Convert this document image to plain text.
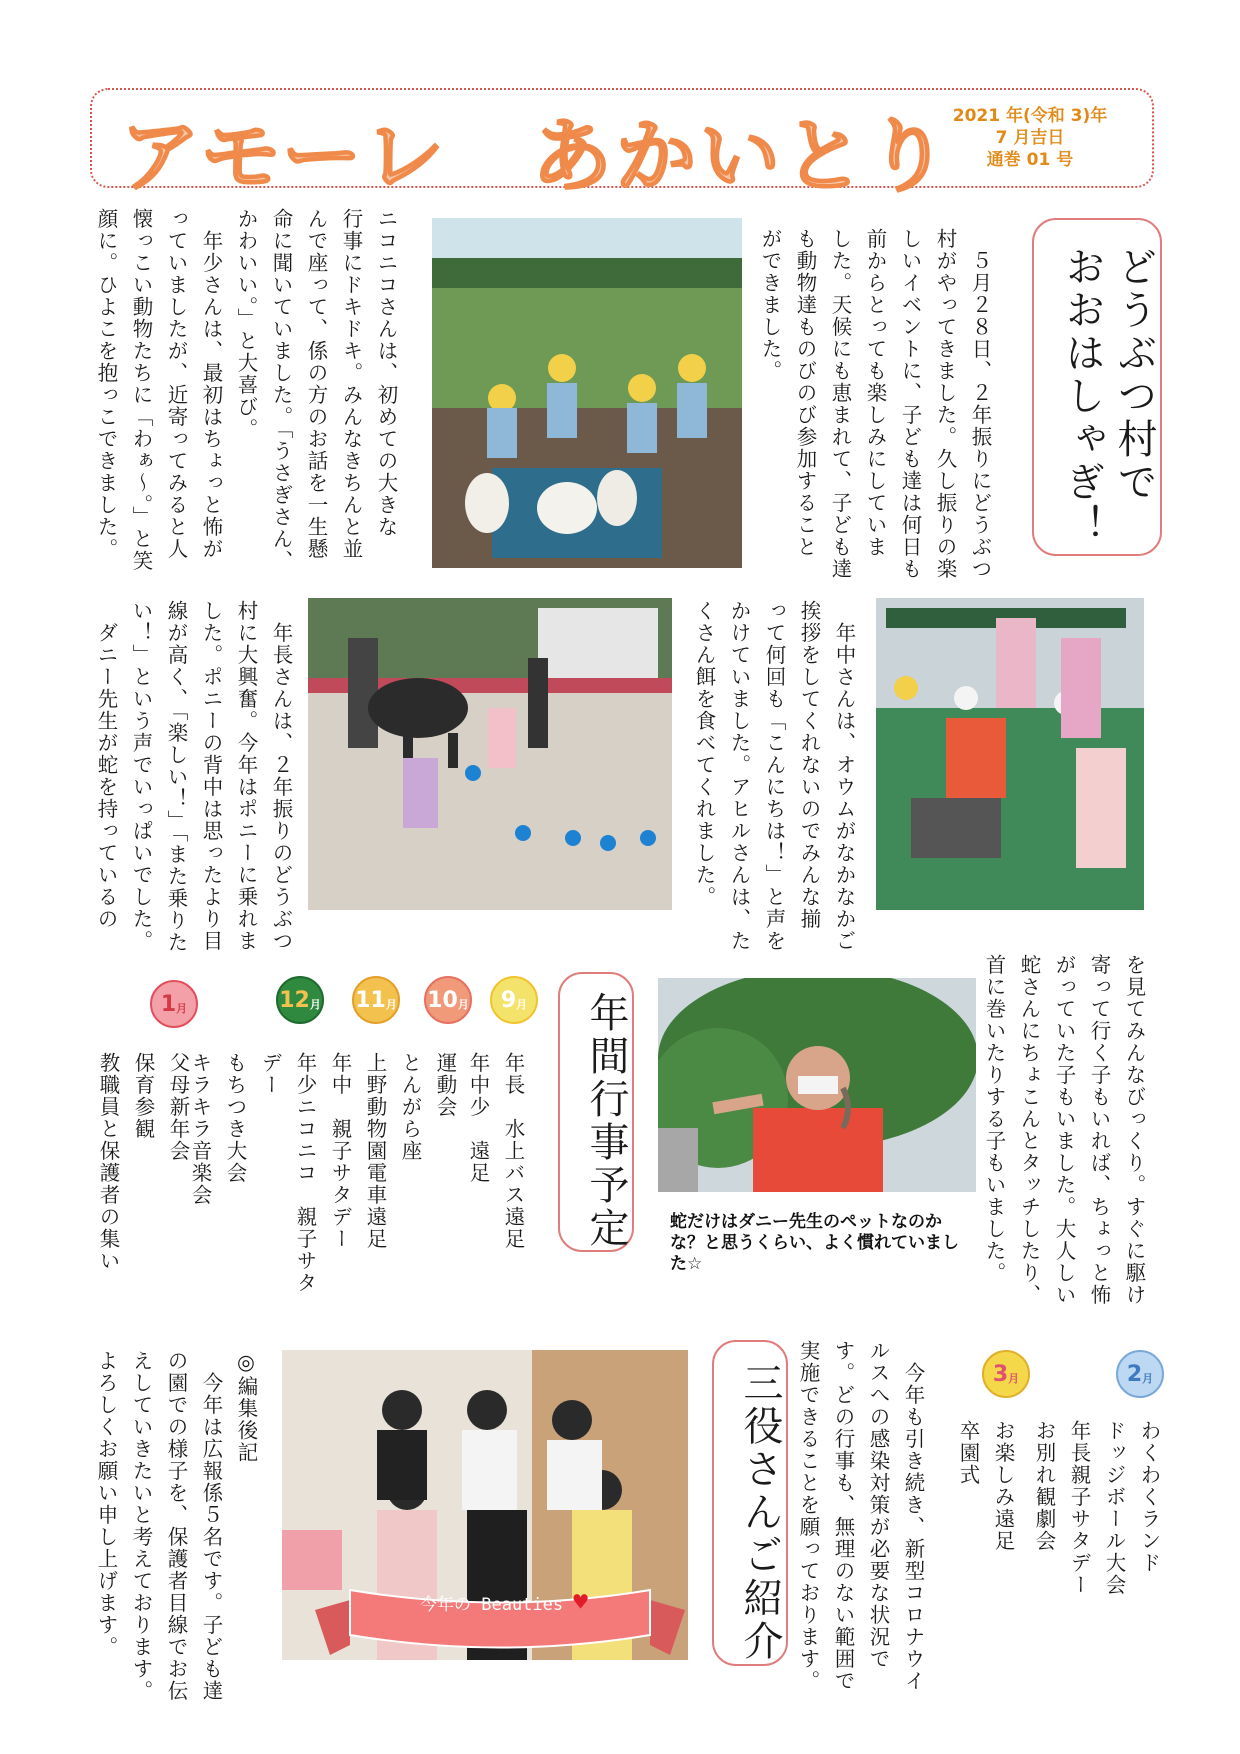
アモーレ　あかいとり 2021 年(令和 3)年
7 月吉日
通巻 01 号
どうぶつ村で
おおはしゃぎ！
　５月２８日、２年振りにどうぶつ
村がやってきました。久し振りの楽
しいイベントに、子ども達は何日も
前からとっても楽しみにしていま
した。天候にも恵まれて、子ども達
も動物達ものびのび参加すること
ができました。
ニコニコさんは、初めての大きな
行事にドキドキ。みんなきちんと並
んで座って、係の方のお話を一生懸
命に聞いていました。「うさぎさん、
かわいい。」と大喜び。
　年少さんは、最初はちょっと怖が
っていましたが、近寄ってみると人
懐っこい動物たちに「わぁ～。」と笑
顔に。ひよこを抱っこできました。
　年中さんは、オウムがなかなかご
挨拶をしてくれないのでみんな揃
って何回も「こんにちは！」と声を
かけていました。アヒルさんは、た
くさん餌を食べてくれました。
　年長さんは、２年振りのどうぶつ
村に大興奮。今年はポニーに乗れま
した。ポニーの背中は思ったより目
線が高く、「楽しい！」「また乗りた
い！」という声でいっぱいでした。
　ダニー先生が蛇を持っているの
を見てみんなびっくり。すぐに駆け
寄って行く子もいれば、ちょっと怖
がっていた子もいました。大人しい
蛇さんにちょこんとタッチしたり、
首に巻いたりする子もいました。
蛇だけはダニー先生のペットなのかな？と思うくらい、よく慣れていました☆
年間行事予定
9 月
10 月
11 月
12 月
1 月
2 月
3 月
年長　水上バス遠足
年中少　遠足
運動会
とんがら座
上野動物園電車遠足
年中　親子サタデー
年少ニコニコ　親子サタ
デー
もちつき大会
キラキラ音楽会
父母新年会
保育参観
教職員と保護者の集い
わくわくランド
ドッジボール大会
年長親子サタデー
お別れ観劇会
お楽しみ遠足
卒園式
三役さんご紹介	　今年も引き続き、新型コロナウイ
ルスへの感染対策が必要な状況で
す。どの行事も、無理のない範囲で
実施できることを願っております。
今年の Beauties ♥
◎編集後記
　今年は広報係５名です。子ども達
の園での様子を、保護者目線でお伝
えしていきたいと考えております。
よろしくお願い申し上げます。
